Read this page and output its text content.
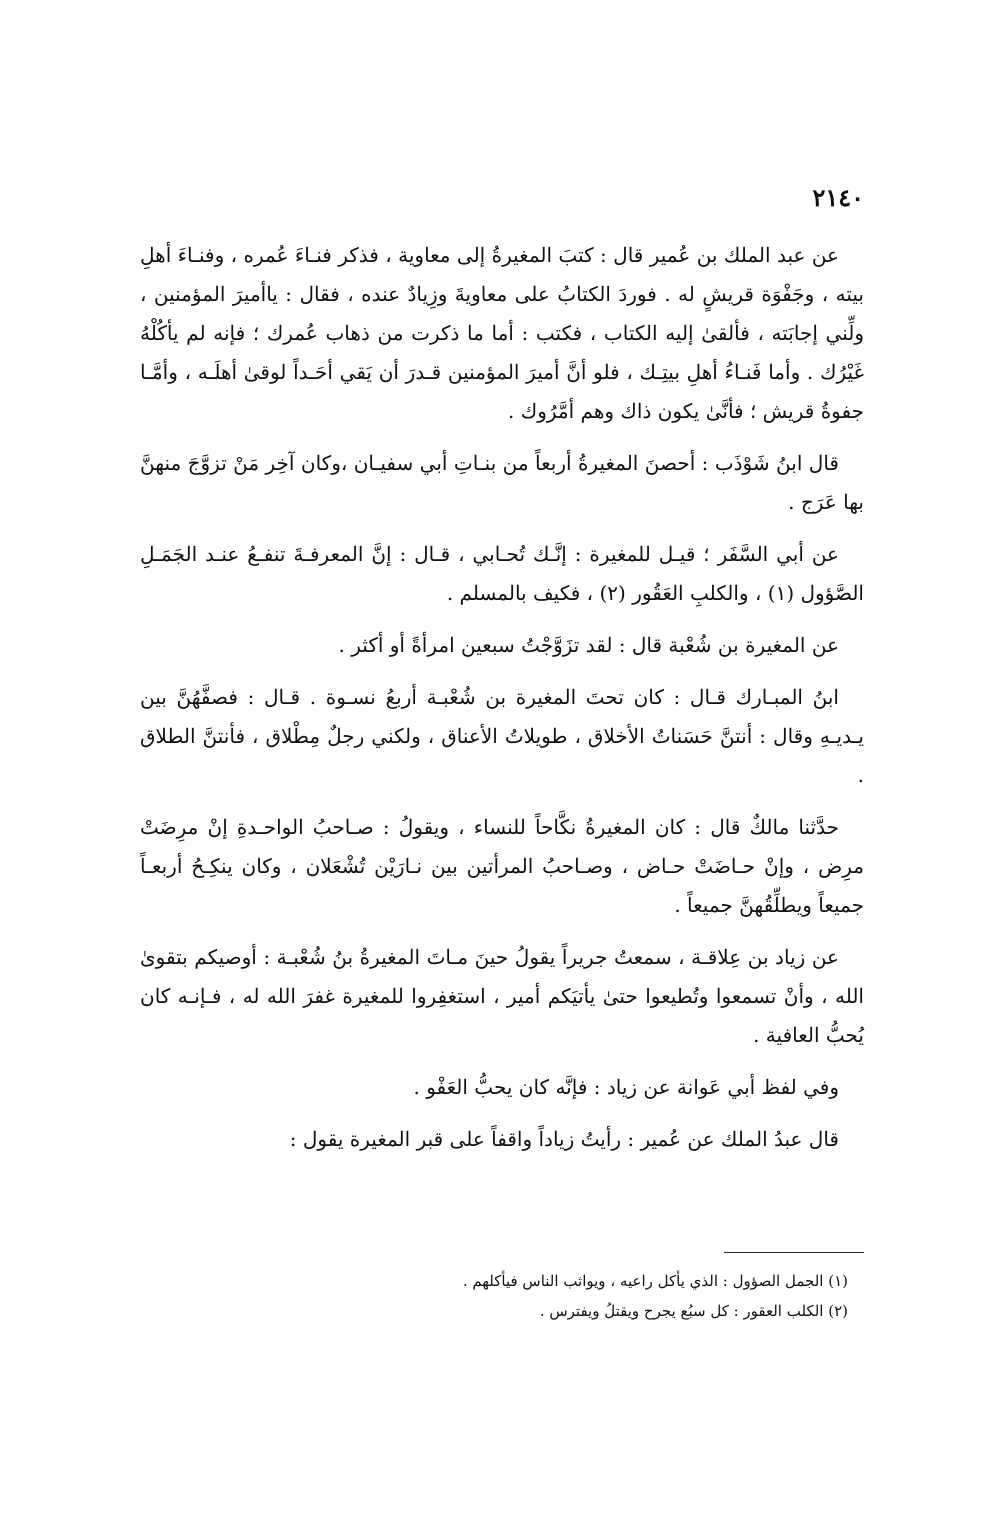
٢١٤٠

عن عبد الملك بن عُمير قال : كتبَ المغيرةُ إلى معاوية ، فذكر فنـاءَ عُمره ، وفنـاءَ أهلِ بيته ، وجَفْوَة قريشٍ له . فوردَ الكتابُ على معاويةَ وزِيادٌ عنده ، فقال : ياأميرَ المؤمنين ، ولِّني إجابَته ، فألقىٰ إليه الكتاب ، فكتب : أما ما ذكرت من ذهاب عُمرك ؛ فإنه لم يأكُلْهُ غَيْرُك . وأما فَنـاءُ أهلِ بيتِـك ، فلو أنَّ أميرَ المؤمنين قـدرَ أن يَقي أحَـداً لوقىٰ أهلَـه ، وأمَّـا جفوةُ قريش ؛ فأنَّىٰ يكون ذاك وهم أمَّرُوك .

قال ابنُ شَوْذَب : أحصنَ المغيرةُ أربعاً من بنـاتِ أبي سفيـان ،وكان آخِر مَنْ تزوَّجَ منهنَّ بها عَرَج .

عن أبي السَّفَر ؛ قيـل للمغيرة : إنَّـك تُحـابي ، قـال : إنَّ المعرفـةَ تنفـعُ عنـد الجَمَـلِ الصَّؤول (١) ، والكلبِ العَقُور (٢) ، فكيف بالمسلم .

عن المغيرة بن شُعْبة قال : لقد تزَوَّجْتُ سبعين امرأةً أو أكثر .

ابنُ المبـارك قـال : كان تحتَ المغيرة بن شُعْبـة أربعُ نسـوة . قـال : فصفَّهُنَّ بين يـديـهِ وقال : أنتنَّ حَسَناتُ الأخلاق ، طويلاتُ الأعناق ، ولكني رجلٌ مِطْلاق ، فأنتنَّ الطلاق .

حدَّثنا مالكٌ قال : كان المغيرةُ نكَّاحاً للنساء ، ويقولُ : صـاحبُ الواحـدةِ إنْ مرِضَتْ مرِض ، وإنْ حـاضَتْ حـاض ، وصـاحبُ المرأتين بين نـارَيْن تُشْعَلان ، وكان ينكِـحُ أربعـاً جميعاً ويطلِّقُهنَّ جميعاً .

عن زياد بن عِلاقـة ، سمعتُ جريراً يقولُ حينَ مـاتَ المغيرةُ بنُ شُعْبـة : أوصيكم بتقوىٰ الله ، وأنْ تسمعوا وتُطيعوا حتىٰ يأتيَكم أمير ، استغفِروا للمغيرة غفرَ الله له ، فـإنـه كان يُحبُّ العافية .

وفي لفظ أبي عَوانة عن زياد : فإنَّه كان يحبُّ العَفْو .

قال عبدُ الملك عن عُمير : رأيتُ زياداً واقفاً على قبر المغيرة يقول :

(١) الجمل الصؤول : الذي يأكل راعيه ، ويواثب الناس فيأكلهم .

(٢) الكلب العقور : كل سبُع يجرح ويقتلُ ويفترس .
